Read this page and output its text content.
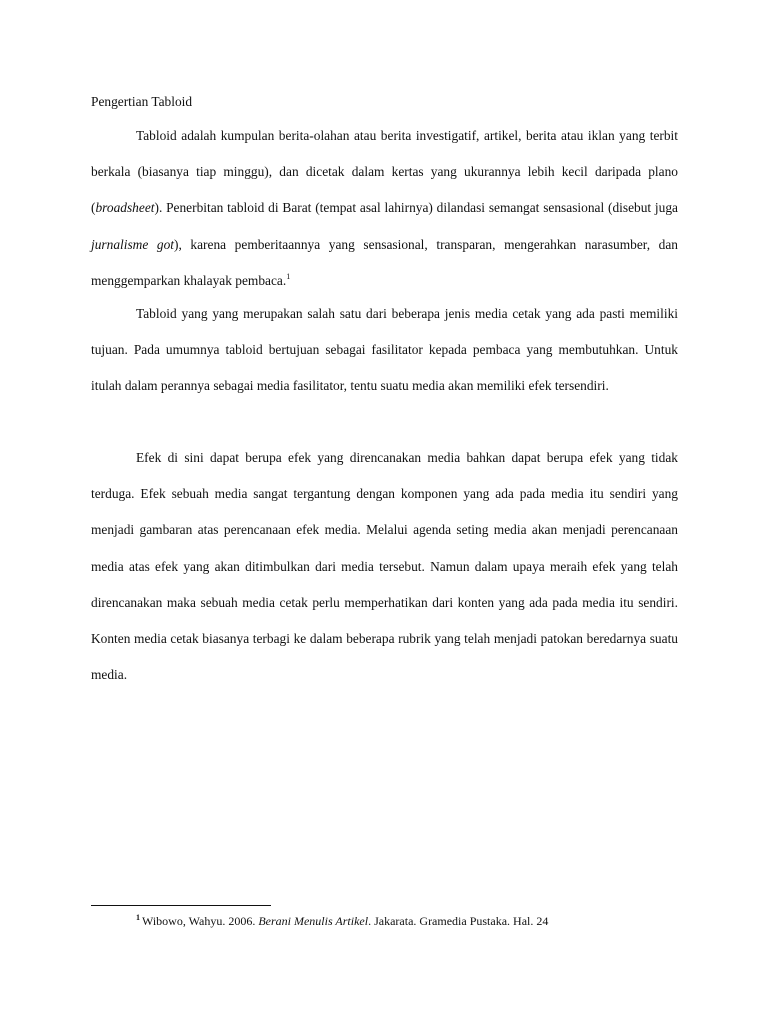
Pengertian Tabloid

Tabloid adalah kumpulan berita-olahan atau berita investigatif, artikel, berita atau iklan yang terbit berkala (biasanya tiap minggu), dan dicetak dalam kertas yang ukurannya lebih kecil daripada plano (broadsheet). Penerbitan tabloid di Barat (tempat asal lahirnya) dilandasi semangat sensasional (disebut juga jurnalisme got), karena pemberitaannya yang sensasional, transparan, mengerahkan narasumber, dan menggemparkan khalayak pembaca.$^1$

Tabloid yang yang merupakan salah satu dari beberapa jenis media cetak yang ada pasti memiliki tujuan. Pada umumnya tabloid bertujuan sebagai fasilitator kepada pembaca yang membutuhkan. Untuk itulah dalam perannya sebagai media fasilitator, tentu suatu media akan memiliki efek tersendiri.

Efek di sini dapat berupa efek yang direncanakan media bahkan dapat berupa efek yang tidak terduga. Efek sebuah media sangat tergantung dengan komponen yang ada pada media itu sendiri yang menjadi gambaran atas perencanaan efek media. Melalui agenda seting media akan menjadi perencanaan media atas efek yang akan ditimbulkan dari media tersebut. Namun dalam upaya meraih efek yang telah direncanakan maka sebuah media cetak perlu memperhatikan dari konten yang ada pada media itu sendiri. Konten media cetak biasanya terbagi ke dalam beberapa rubrik yang telah menjadi patokan beredarnya suatu media.

$^1$ Wibowo, Wahyu. 2006. Berani Menulis Artikel. Jakarata. Gramedia Pustaka. Hal. 24
